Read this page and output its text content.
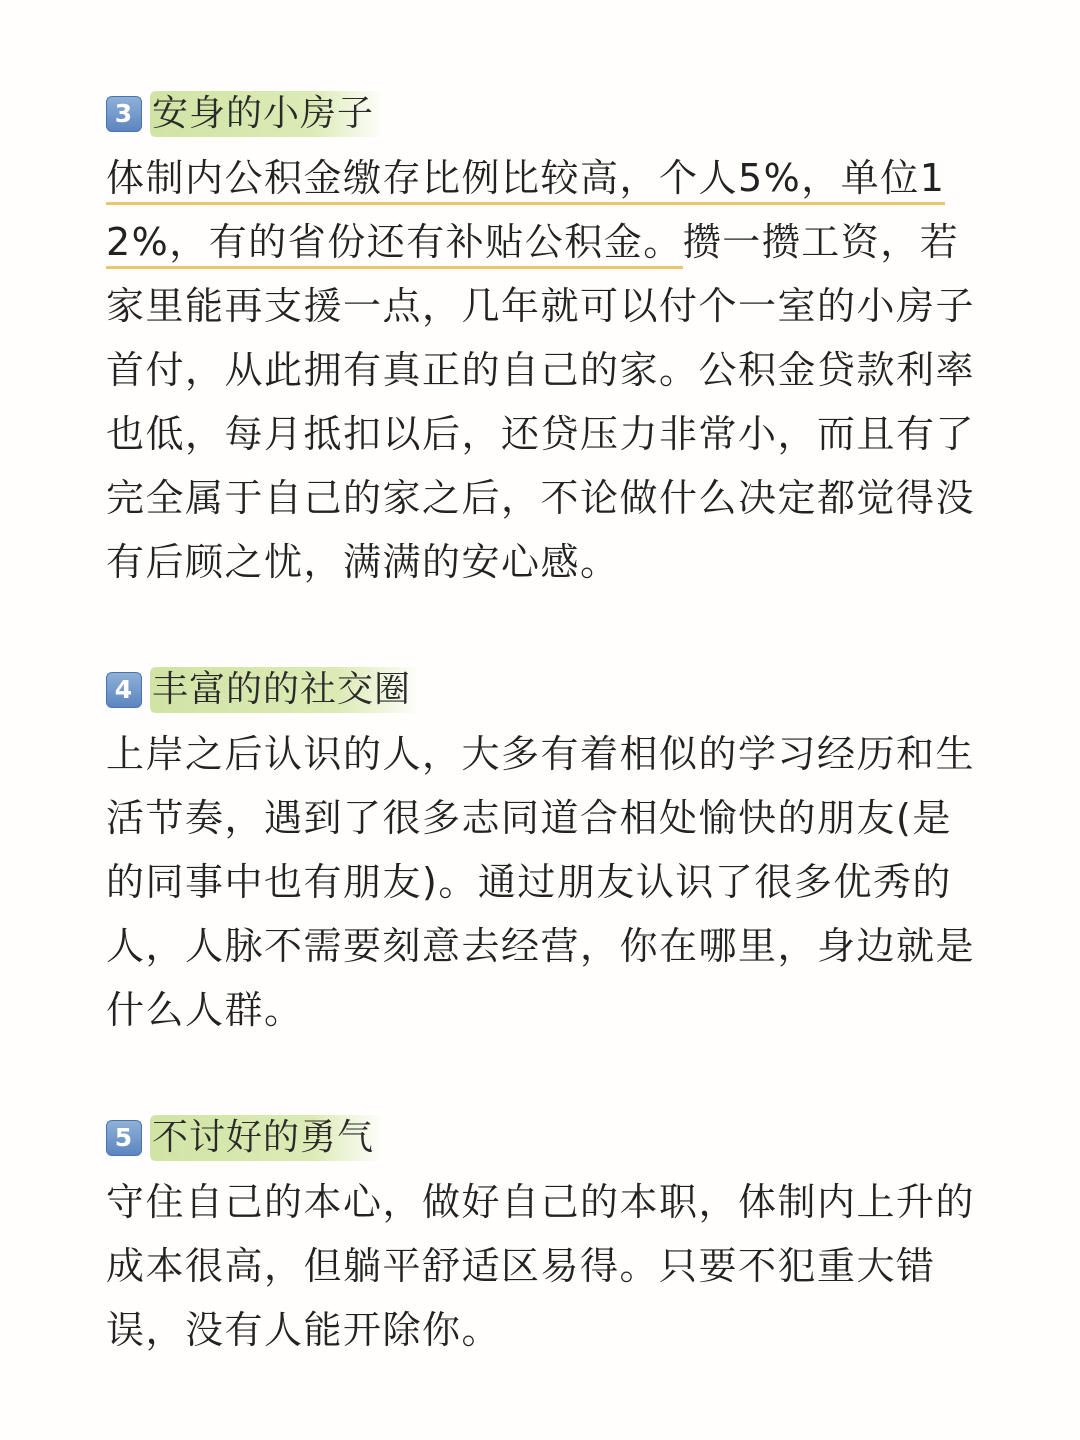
3 安身的小房子

体制内公积金缴存比例比较高，个人5%，单位12%，有的省份还有补贴公积金。攒一攒工资，若家里能再支援一点，几年就可以付个一室的小房子首付，从此拥有真正的自己的家。公积金贷款利率也低，每月抵扣以后，还贷压力非常小，而且有了完全属于自己的家之后，不论做什么决定都觉得没有后顾之忧，满满的安心感。

4 丰富的的社交圈

上岸之后认识的人，大多有着相似的学习经历和生活节奏，遇到了很多志同道合相处愉快的朋友(是的同事中也有朋友)。通过朋友认识了很多优秀的人，人脉不需要刻意去经营，你在哪里，身边就是什么人群。

5 不讨好的勇气

守住自己的本心，做好自己的本职，体制内上升的成本很高，但躺平舒适区易得。只要不犯重大错误，没有人能开除你。
